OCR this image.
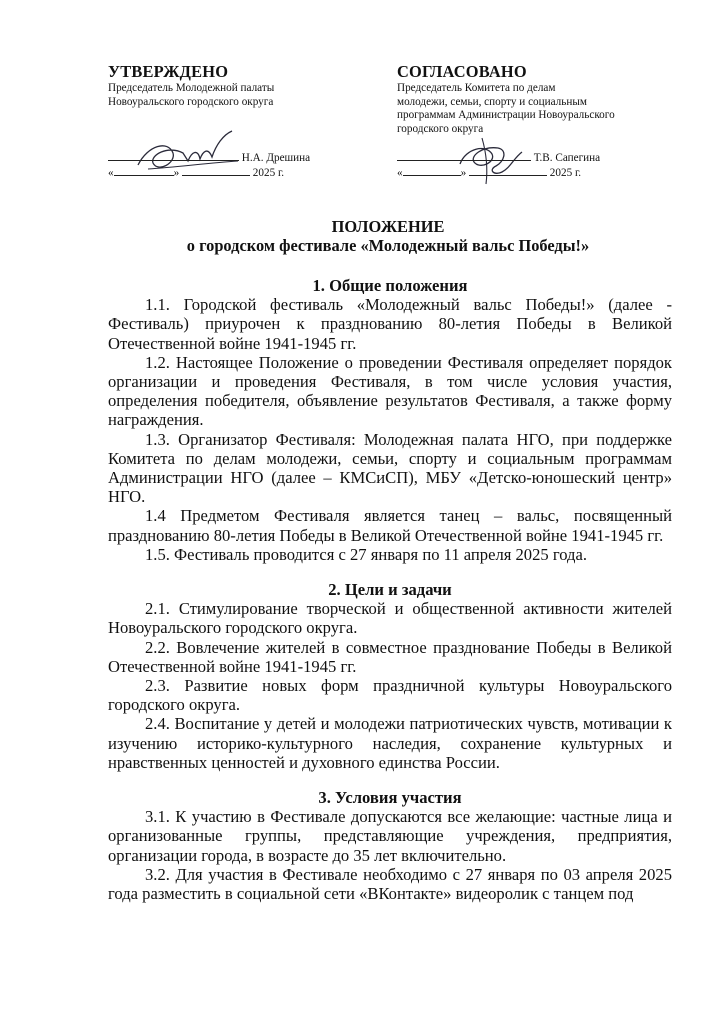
УТВЕРЖДЕНО
Председатель Молодежной палаты
Новоуральского городского округа
Н.А. Дрешина
«	»	2025 г.
СОГЛАСОВАНО
Председатель Комитета по делам
молодежи, семьи, спорту и социальным
программам Администрации Новоуральского
городского округа
Т.В. Сапегина
«	»	2025 г.
ПОЛОЖЕНИЕ
о городском фестивале «Молодежный вальс Победы!»
1. Общие положения

1.1. Городской фестиваль «Молодежный вальс Победы!» (далее - Фестиваль) приурочен к празднованию 80-летия Победы в Великой Отечественной войне 1941-1945 гг.

1.2. Настоящее Положение о проведении Фестиваля определяет порядок организации и проведения Фестиваля, в том числе условия участия, определения победителя, объявление результатов Фестиваля, а также форму награждения.

1.3. Организатор Фестиваля: Молодежная палата НГО, при поддержке Комитета по делам молодежи, семьи, спорту и социальным программам Администрации НГО (далее – КМСиСП), МБУ «Детско-юношеский центр» НГО.

1.4 Предметом Фестиваля является танец – вальс, посвященный празднованию 80-летия Победы в Великой Отечественной войне 1941-1945 гг.

1.5. Фестиваль проводится с 27 января по 11 апреля 2025 года.

2. Цели и задачи

2.1. Стимулирование творческой и общественной активности жителей Новоуральского городского округа.

2.2. Вовлечение жителей в совместное празднование Победы в Великой Отечественной войне 1941-1945 гг.

2.3. Развитие новых форм праздничной культуры Новоуральского городского округа.

2.4. Воспитание у детей и молодежи патриотических чувств, мотивации к изучению историко-культурного наследия, сохранение культурных и нравственных ценностей и духовного единства России.

3. Условия участия

3.1. К участию в Фестивале допускаются все желающие: частные лица и организованные группы, представляющие учреждения, предприятия, организации города, в возрасте до 35 лет включительно.

3.2. Для участия в Фестивале необходимо с 27 января по 03 апреля 2025 года разместить в социальной сети «ВКонтакте» видеоролик с танцем под
